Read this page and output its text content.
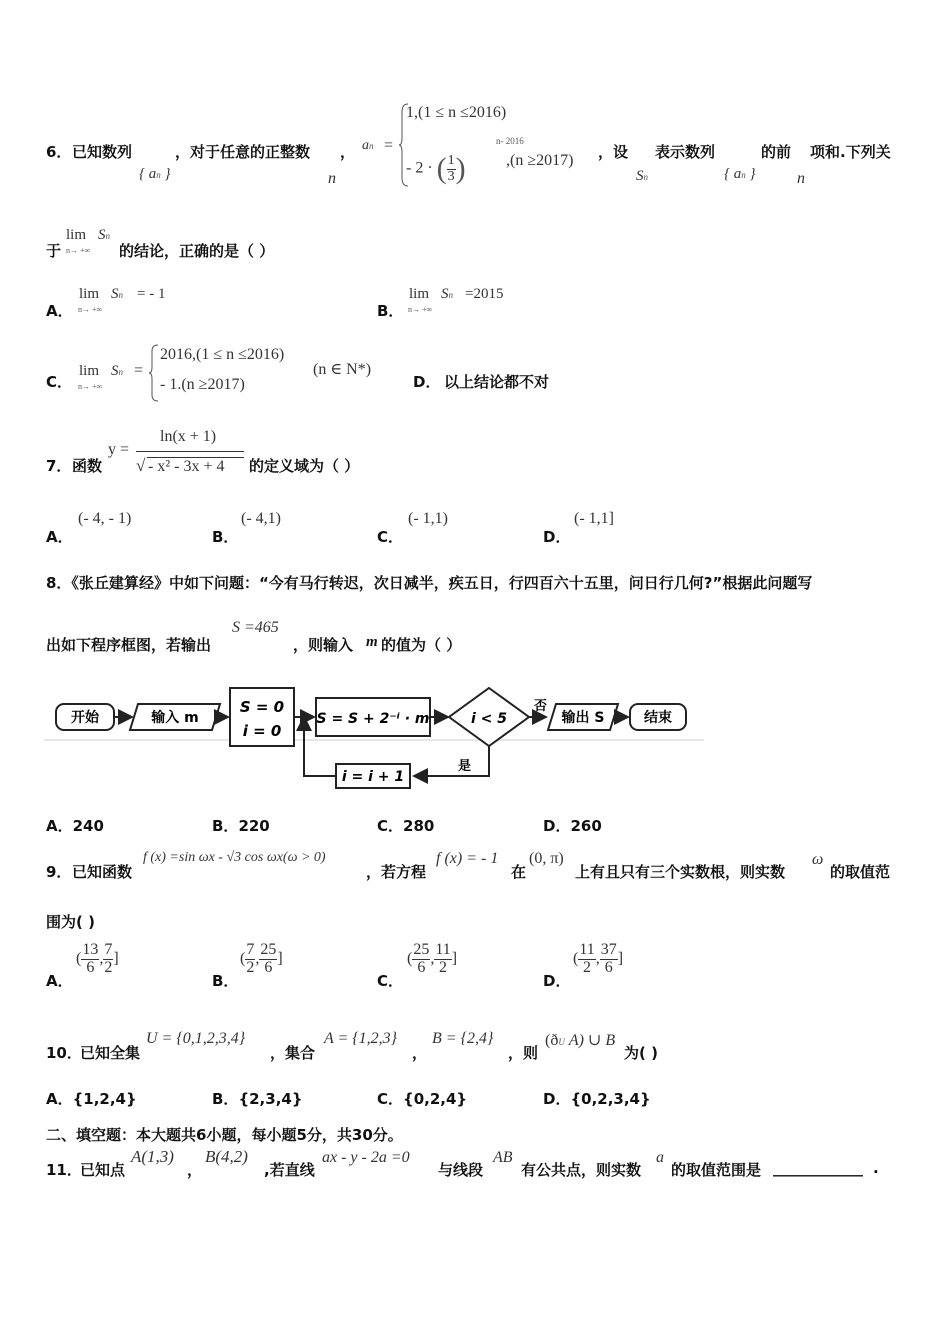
6． 已知数列
{ an }
，对于任意的正整数
n
， an =
1,(1 ≤ n ≤2016)
- 2 · ( $\frac{1}{3}$ )
n- 2016
,(n ≥2017) ，设
Sn
表示数列
{ an }
的前
n
项和.下列关
于
lim
n→ +∞
Sn
的结论，正确的是（ ）
A．
lim
n→ +∞
Sn = - 1
B．
lim
n→ +∞
Sn =2015
C．
lim
n→ +∞
Sn =
2016,(1 ≤ n ≤2016)
- 1.(n ≥2017)
(n ∈ N*)
D． 以上结论都不对
7． 函数
y =
ln(x + 1)
√ - x² - 3x + 4 的定义域为（ ）
A．
(- 4, - 1)
B．
(- 4,1)
C．
(- 1,1)
D．
(- 1,1]
8．《张丘建算经》中如下问题：“今有马行转迟，次日减半，疾五日，行四百六十五里，问日行几何?”根据此问题写
出如下程序框图，若输出
S =465
，则输入 m 的值为（ ）
开始	输入 m
S = 0
i = 0
S = S + 2⁻ⁱ · m	i < 5
否
输出 S	结束
是
i = i + 1
A．240	B．220	C．280	D．260
9． 已知函数
f (x) =sin ωx - √3 cos ωx(ω > 0)
，若方程
f (x) = - 1
在
(0, π)
上有且只有三个实数根，则实数
ω
的取值范
围为( )
A．
( $\frac{13}{6}$ , $\frac{7}{2}$ ]
B．
( $\frac{7}{2}$ , $\frac{25}{6}$ ]
C．
( $\frac{25}{6}$ , $\frac{11}{2}$ ]
D．
( $\frac{11}{2}$ , $\frac{37}{6}$ ]
10．
已知全集
U = {0,1,2,3,4}
，集合
A = {1,2,3}
，
B = {2,4}
，则
(ðU A) ∪ B
为( )
A．{1,2,4}	B．{2,3,4}	C．{0,2,4}	D．{0,2,3,4}
二、填空题：本大题共6小题，每小题5分，共30分。
11．
已知点
A(1,3)
，
B(4,2)
,若直线
ax - y - 2a =0
与线段
AB
有公共点，则实数
a
的取值范围是 ____________ .
